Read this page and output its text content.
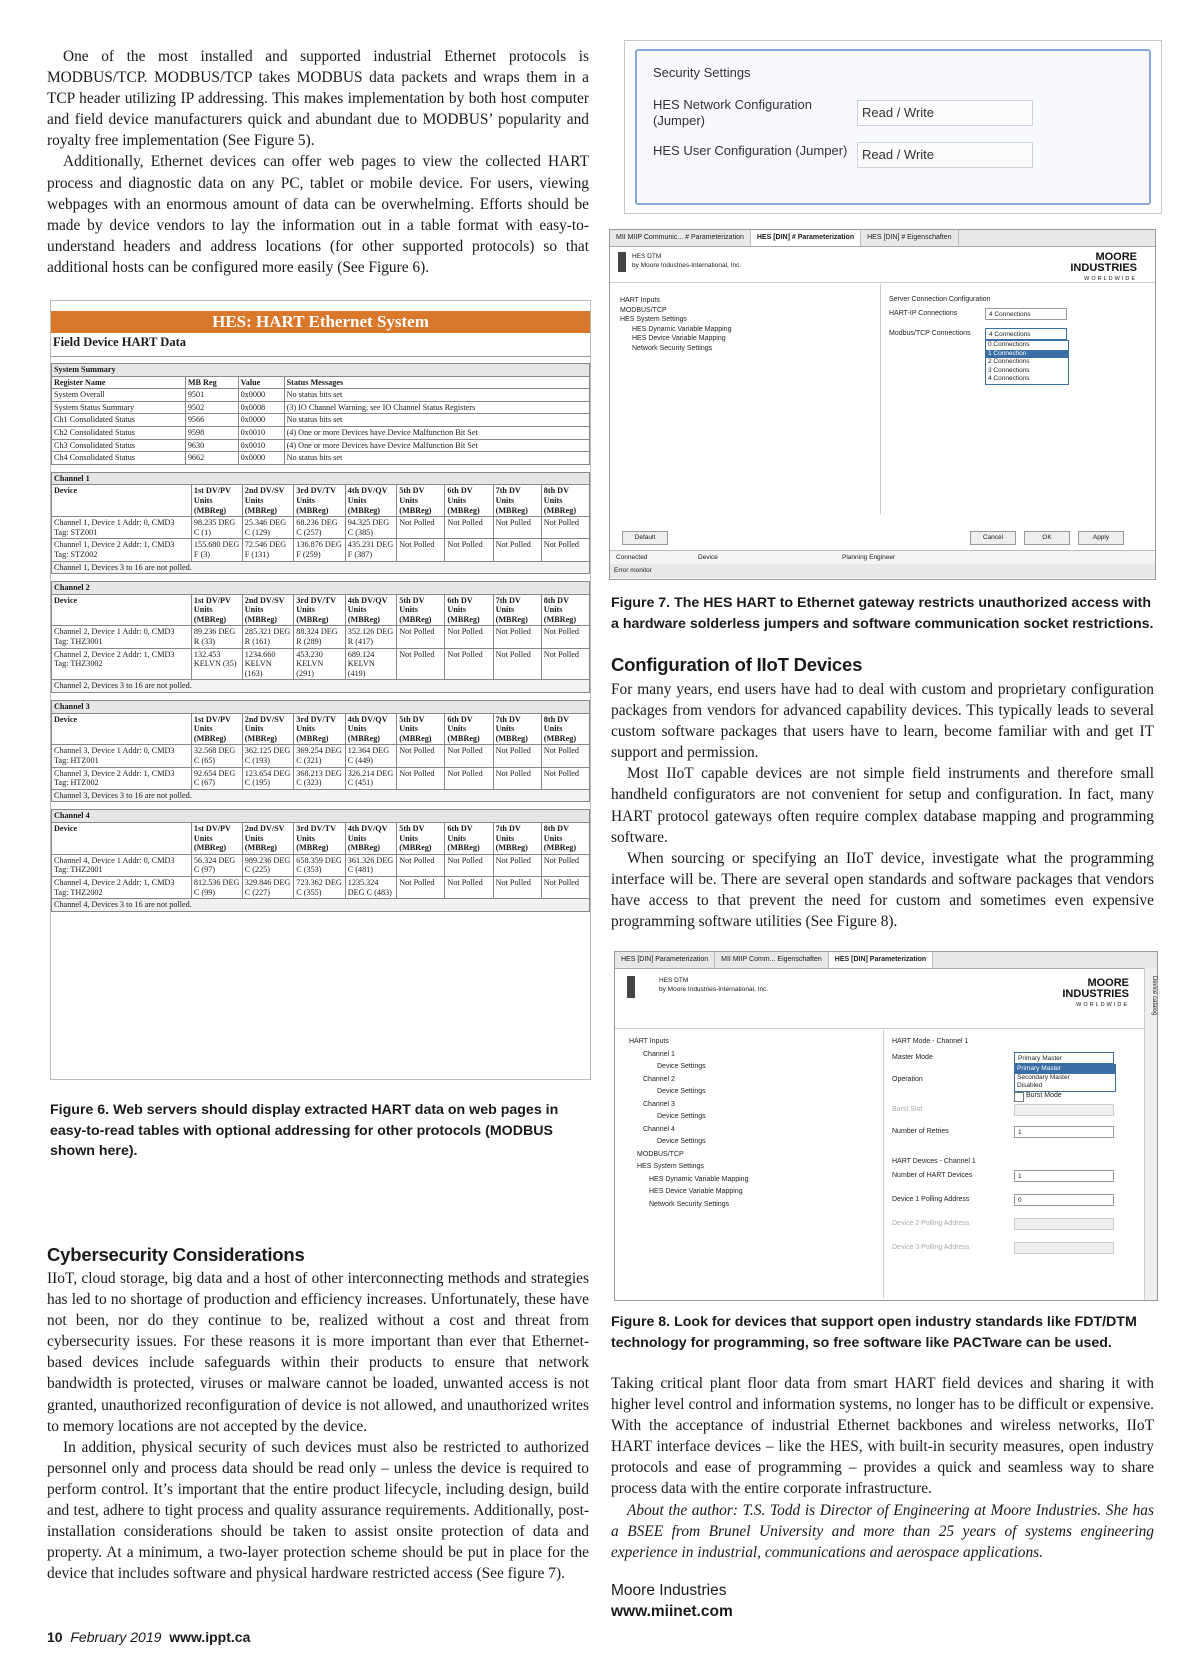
One of the most installed and supported industrial Ethernet protocols is MODBUS/TCP. MODBUS/TCP takes MODBUS data packets and wraps them in a TCP header utilizing IP addressing. This makes implementation by both host computer and field device manufacturers quick and abundant due to MODBUS’ popularity and royalty free implementation (See Figure 5).

Additionally, Ethernet devices can offer web pages to view the collected HART process and diagnostic data on any PC, tablet or mobile device. For users, viewing webpages with an enormous amount of data can be overwhelming. Efforts should be made by device vendors to lay the information out in a table format with easy-to-understand headers and address locations (for other supported protocols) so that additional hosts can be configured more easily (See Figure 6).

HES: HART Ethernet System
Field Device HART Data
System Summary			
Register Name	MB Reg	Value	Status Messages
System Overall	9501	0x0000	No status bits set
System Status Summary	9502	0x0008	(3) IO Channel Warning, see IO Channel Status Registers
Ch1 Consolidated Status	9566	0x0000	No status bits set
Ch2 Consolidated Status	9598	0x0010	(4) One or more Devices have Device Malfunction Bit Set
Ch3 Consolidated Status	9630	0x0010	(4) One or more Devices have Device Malfunction Bit Set
Ch4 Consolidated Status	9662	0x0000	No status bits set
Channel 1								
Device	1st DV/PV Units (MBReg)	2nd DV/SV Units (MBReg)	3rd DV/TV Units (MBReg)	4th DV/QV Units (MBReg)	5th DV Units (MBReg)	6th DV Units (MBReg)	7th DV Units (MBReg)	8th DV Units (MBReg)
Channel 1, Device 1 Addr: 0, CMD3 Tag: STZ001	98.235 DEG C (1)	25.346 DEG C (129)	68.236 DEG C (257)	94.325 DEG C (385)	Not Polled	Not Polled	Not Polled	Not Polled
Channel 1, Device 2 Addr: 1, CMD3 Tag: STZ002	155.680 DEG F (3)	72.546 DEG F (131)	136.876 DEG F (259)	435.231 DEG F (387)	Not Polled	Not Polled	Not Polled	Not Polled
Channel 1, Devices 3 to 16 are not polled.								
Channel 2								
Device	1st DV/PV Units (MBReg)	2nd DV/SV Units (MBReg)	3rd DV/TV Units (MBReg)	4th DV/QV Units (MBReg)	5th DV Units (MBReg)	6th DV Units (MBReg)	7th DV Units (MBReg)	8th DV Units (MBReg)
Channel 2, Device 1 Addr: 0, CMD3 Tag: THZ3001	89.236 DEG R (33)	285.321 DEG R (161)	88.324 DEG R (289)	352.126 DEG R (417)	Not Polled	Not Polled	Not Polled	Not Polled
Channel 2, Device 2 Addr: 1, CMD3 Tag: THZ3002	132.453 KELVN (35)	1234.660 KELVN (163)	453.230 KELVN (291)	689.124 KELVN (419)	Not Polled	Not Polled	Not Polled	Not Polled
Channel 2, Devices 3 to 16 are not polled.								
Channel 3								
Device	1st DV/PV Units (MBReg)	2nd DV/SV Units (MBReg)	3rd DV/TV Units (MBReg)	4th DV/QV Units (MBReg)	5th DV Units (MBReg)	6th DV Units (MBReg)	7th DV Units (MBReg)	8th DV Units (MBReg)
Channel 3, Device 1 Addr: 0, CMD3 Tag: HTZ001	32.568 DEG C (65)	362.125 DEG C (193)	369.254 DEG C (321)	12.364 DEG C (449)	Not Polled	Not Polled	Not Polled	Not Polled
Channel 3, Device 2 Addr: 1, CMD3 Tag: HTZ002	92.654 DEG C (67)	123.654 DEG C (195)	368.213 DEG C (323)	326.214 DEG C (451)	Not Polled	Not Polled	Not Polled	Not Polled
Channel 3, Devices 3 to 16 are not polled.								
Channel 4								
Device	1st DV/PV Units (MBReg)	2nd DV/SV Units (MBReg)	3rd DV/TV Units (MBReg)	4th DV/QV Units (MBReg)	5th DV Units (MBReg)	6th DV Units (MBReg)	7th DV Units (MBReg)	8th DV Units (MBReg)
Channel 4, Device 1 Addr: 0, CMD3 Tag: THZ2001	56.324 DEG C (97)	989.236 DEG C (225)	658.359 DEG C (353)	361.326 DEG C (481)	Not Polled	Not Polled	Not Polled	Not Polled
Channel 4, Device 2 Addr: 1, CMD3 Tag: THZ2002	812.536 DEG C (99)	329.846 DEG C (227)	723.362 DEG C (355)	1235.324 DEG C (483)	Not Polled	Not Polled	Not Polled	Not Polled
Channel 4, Devices 3 to 16 are not polled.								

Figure 6. Web servers should display extracted HART data on web pages in easy-to-read tables with optional addressing for other protocols (MODBUS shown here).

Cybersecurity Considerations

IIoT, cloud storage, big data and a host of other interconnecting methods and strategies has led to no shortage of production and efficiency increases. Unfortunately, these have not been, nor do they continue to be, realized without a cost and threat from cybersecurity issues. For these reasons it is more important than ever that Ethernet-based devices include safeguards within their products to ensure that network bandwidth is protected, viruses or malware cannot be loaded, unwanted access is not granted, unauthorized reconfiguration of device is not allowed, and unauthorized writes to memory locations are not accepted by the device.

In addition, physical security of such devices must also be restricted to authorized personnel only and process data should be read only – unless the device is required to perform control. It’s important that the entire product lifecycle, including design, build and test, adhere to tight process and quality assurance requirements. Additionally, post-installation considerations should be taken to assist onsite protection of data and property. At a minimum, a two-layer protection scheme should be put in place for the device that includes software and physical hardware restricted access (See figure 7).

10 February 2019 www.ippt.ca
Security Settings
HES Network Configuration (Jumper)
Read / Write
HES User Configuration (Jumper)	Read / Write
MII MIIP Communic... # Parameterization HES [DIN] # Parameterization HES [DIN] # Eigenschaften
HES DTM
by Moore Industries-International, Inc.
MOORE
INDUSTRIES
WORLDWIDE
HART Inputs
MODBUS/TCP
HES System Settings
HES Dynamic Variable Mapping
HES Device Variable Mapping
Network Security Settings
Server Connection Configuration
HART-IP Connections	4 Connections
Modbus/TCP Connections	4 Connections
0 Connections
1 Connection
2 Connections
3 Connections
4 Connections
Default	Cancel	OK	Apply
Connected	Device	Planning Engineer
Error monitor

Figure 7. The HES HART to Ethernet gateway restricts unauthorized access with a hardware solderless jumpers and software communication socket restrictions.

Configuration of IIoT Devices

For many years, end users have had to deal with custom and proprietary configuration packages from vendors for advanced capability devices. This typically leads to several custom software packages that users have to learn, become familiar with and get IT support and permission.

Most IIoT capable devices are not simple field instruments and therefore small handheld configurators are not convenient for setup and configuration. In fact, many HART protocol gateways often require complex database mapping and programming software.

When sourcing or specifying an IIoT device, investigate what the programming interface will be. There are several open standards and software packages that vendors have access to that prevent the need for custom and sometimes even expensive programming software utilities (See Figure 8).

HES [DIN] Parameterization MII MIIP Comm... Eigenschaften HES [DIN] Parameterization
HES DTM
by Moore Industries-International, Inc.
MOORE
INDUSTRIES
WORLDWIDE	Device catalog
HART Inputs
Channel 1
Device Settings
Channel 2
Device Settings
Channel 3
Device Settings
Channel 4
Device Settings
MODBUS/TCP
HES System Settings
HES Dynamic Variable Mapping
HES Device Variable Mapping
Network Security Settings
HART Mode - Channel 1
Master Mode	Primary Master
Primary Master
Secondary Master
Disabled
Operation
Burst Mode
Burst Slot
Number of Retries	1
HART Devices - Channel 1
Number of HART Devices	1
Device 1 Polling Address	0
Device 2 Polling Address
Device 3 Polling Address

Figure 8. Look for devices that support open industry standards like FDT/DTM technology for programming, so free software like PACTware can be used.

Taking critical plant floor data from smart HART field devices and sharing it with higher level control and information systems, no longer has to be difficult or expensive. With the acceptance of industrial Ethernet backbones and wireless networks, IIoT HART interface devices – like the HES, with built-in security measures, open industry protocols and ease of programming – provides a quick and seamless way to share process data with the entire corporate infrastructure.

About the author: T.S. Todd is Director of Engineering at Moore Industries. She has a BSEE from Brunel University and more than 25 years of systems engineering experience in industrial, communications and aerospace applications.

Moore Industries
www.miinet.com
